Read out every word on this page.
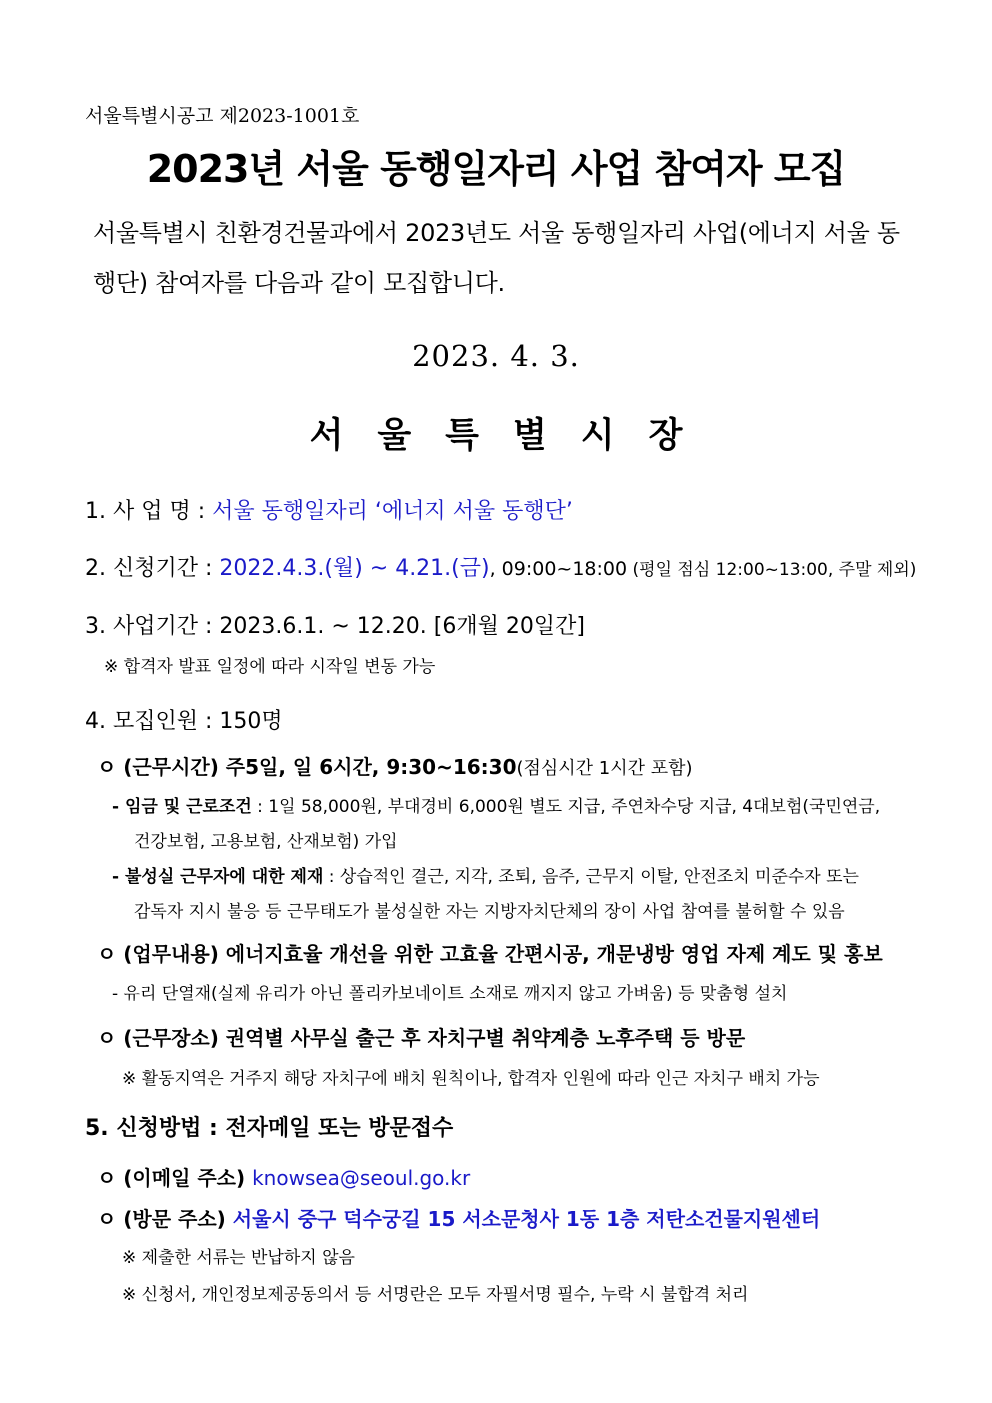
서울특별시공고 제2023-1001호
2023년 서울 동행일자리 사업 참여자 모집
서울특별시 친환경건물과에서 2023년도 서울 동행일자리 사업(에너지 서울 동
행단) 참여자를 다음과 같이 모집합니다.
2023. 4. 3.
서울특별시장
1. 사 업 명 : 서울 동행일자리 ‘에너지 서울 동행단’
2. 신청기간 : 2022.4.3.(월) ~ 4.21.(금), 09:00~18:00 (평일 점심 12:00~13:00, 주말 제외)
3. 사업기간 : 2023.6.1. ~ 12.20. [6개월 20일간]
※ 합격자 발표 일정에 따라 시작일 변동 가능
4. 모집인원 : 150명
ㅇ (근무시간) 주5일, 일 6시간, 9:30~16:30(점심시간 1시간 포함)
- 임금 및 근로조건 : 1일 58,000원, 부대경비 6,000원 별도 지급, 주연차수당 지급, 4대보험(국민연금,
건강보험, 고용보험, 산재보험) 가입
- 불성실 근무자에 대한 제재 : 상습적인 결근, 지각, 조퇴, 음주, 근무지 이탈, 안전조치 미준수자 또는
감독자 지시 불응 등 근무태도가 불성실한 자는 지방자치단체의 장이 사업 참여를 불허할 수 있음
ㅇ (업무내용) 에너지효율 개선을 위한 고효율 간편시공, 개문냉방 영업 자제 계도 및 홍보
- 유리 단열재(실제 유리가 아닌 폴리카보네이트 소재로 깨지지 않고 가벼움) 등 맞춤형 설치
ㅇ (근무장소) 권역별 사무실 출근 후 자치구별 취약계층 노후주택 등 방문
※ 활동지역은 거주지 해당 자치구에 배치 원칙이나, 합격자 인원에 따라 인근 자치구 배치 가능
5. 신청방법 : 전자메일 또는 방문접수
ㅇ (이메일 주소) knowsea@seoul.go.kr
ㅇ (방문 주소) 서울시 중구 덕수궁길 15 서소문청사 1동 1층 저탄소건물지원센터
※ 제출한 서류는 반납하지 않음
※ 신청서, 개인정보제공동의서 등 서명란은 모두 자필서명 필수, 누락 시 불합격 처리
